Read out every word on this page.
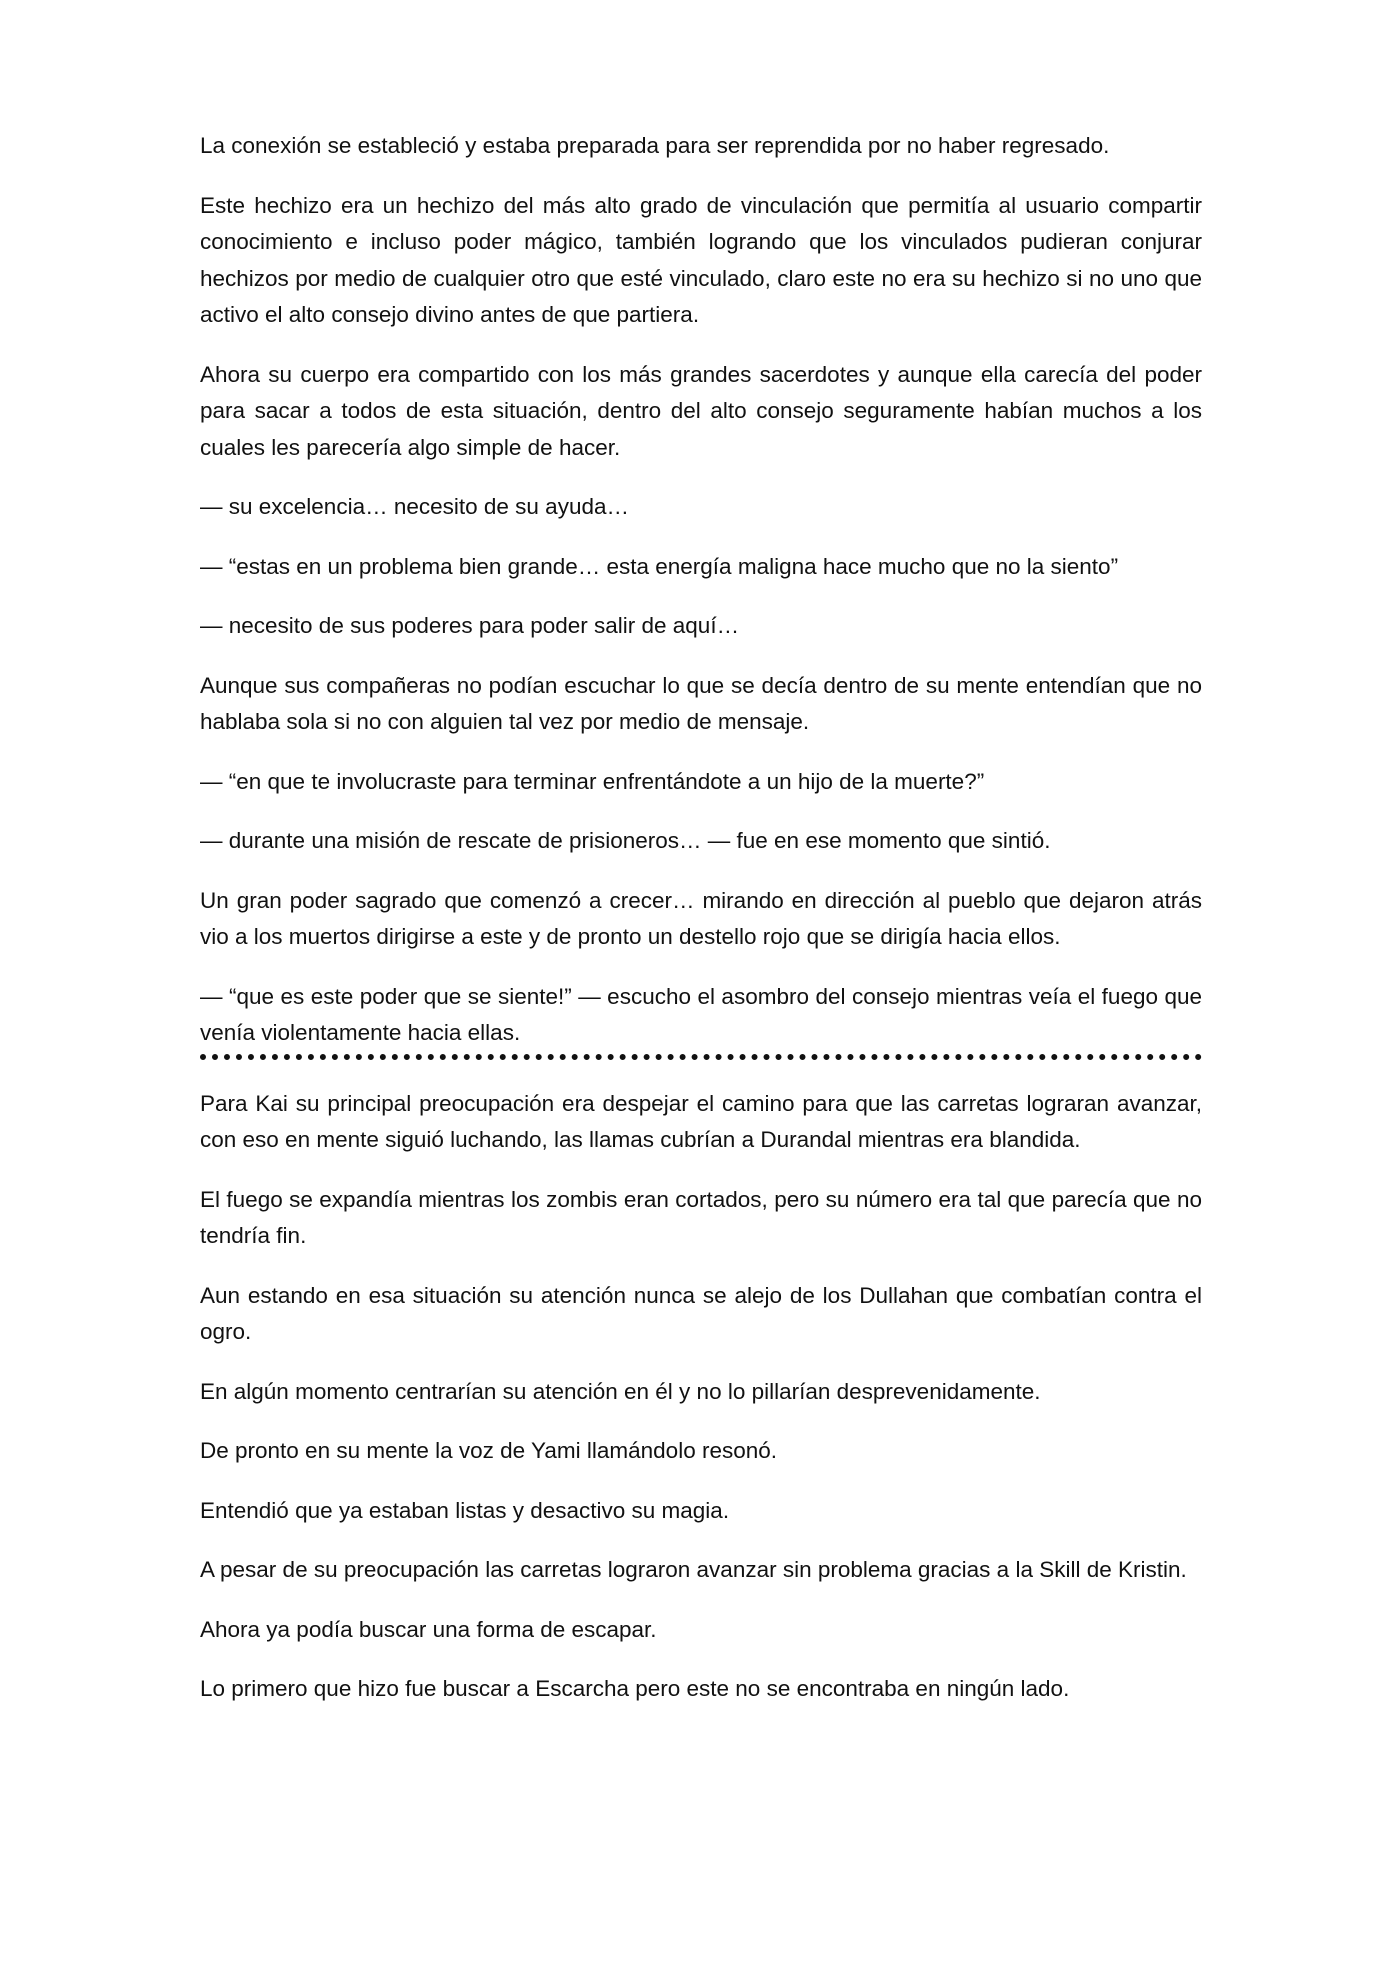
La conexión se estableció y estaba preparada para ser reprendida por no haber regresado.

Este hechizo era un hechizo del más alto grado de vinculación que permitía al usuario compartir conocimiento e incluso poder mágico, también logrando que los vinculados pudieran conjurar hechizos por medio de cualquier otro que esté vinculado, claro este no era su hechizo si no uno que activo el alto consejo divino antes de que partiera.

Ahora su cuerpo era compartido con los más grandes sacerdotes y aunque ella carecía del poder para sacar a todos de esta situación, dentro del alto consejo seguramente habían muchos a los cuales les parecería algo simple de hacer.

— su excelencia… necesito de su ayuda…

— “estas en un problema bien grande… esta energía maligna hace mucho que no la siento”

— necesito de sus poderes para poder salir de aquí…

Aunque sus compañeras no podían escuchar lo que se decía dentro de su mente entendían que no hablaba sola si no con alguien tal vez por medio de mensaje.

— “en que te involucraste para terminar enfrentándote a un hijo de la muerte?”

— durante una misión de rescate de prisioneros… — fue en ese momento que sintió.

Un gran poder sagrado que comenzó a crecer… mirando en dirección al pueblo que dejaron atrás vio a los muertos dirigirse a este y de pronto un destello rojo que se dirigía hacia ellos.

— “que es este poder que se siente!” — escucho el asombro del consejo mientras veía el fuego que venía violentamente hacia ellas.

Para Kai su principal preocupación era despejar el camino para que las carretas lograran avanzar, con eso en mente siguió luchando, las llamas cubrían a Durandal mientras era blandida.

El fuego se expandía mientras los zombis eran cortados, pero su número era tal que parecía que no tendría fin.

Aun estando en esa situación su atención nunca se alejo de los Dullahan que combatían contra el ogro.

En algún momento centrarían su atención en él y no lo pillarían desprevenidamente.

De pronto en su mente la voz de Yami llamándolo resonó.

Entendió que ya estaban listas y desactivo su magia.

A pesar de su preocupación las carretas lograron avanzar sin problema gracias a la Skill de Kristin.

Ahora ya podía buscar una forma de escapar.

Lo primero que hizo fue buscar a Escarcha pero este no se encontraba en ningún lado.
